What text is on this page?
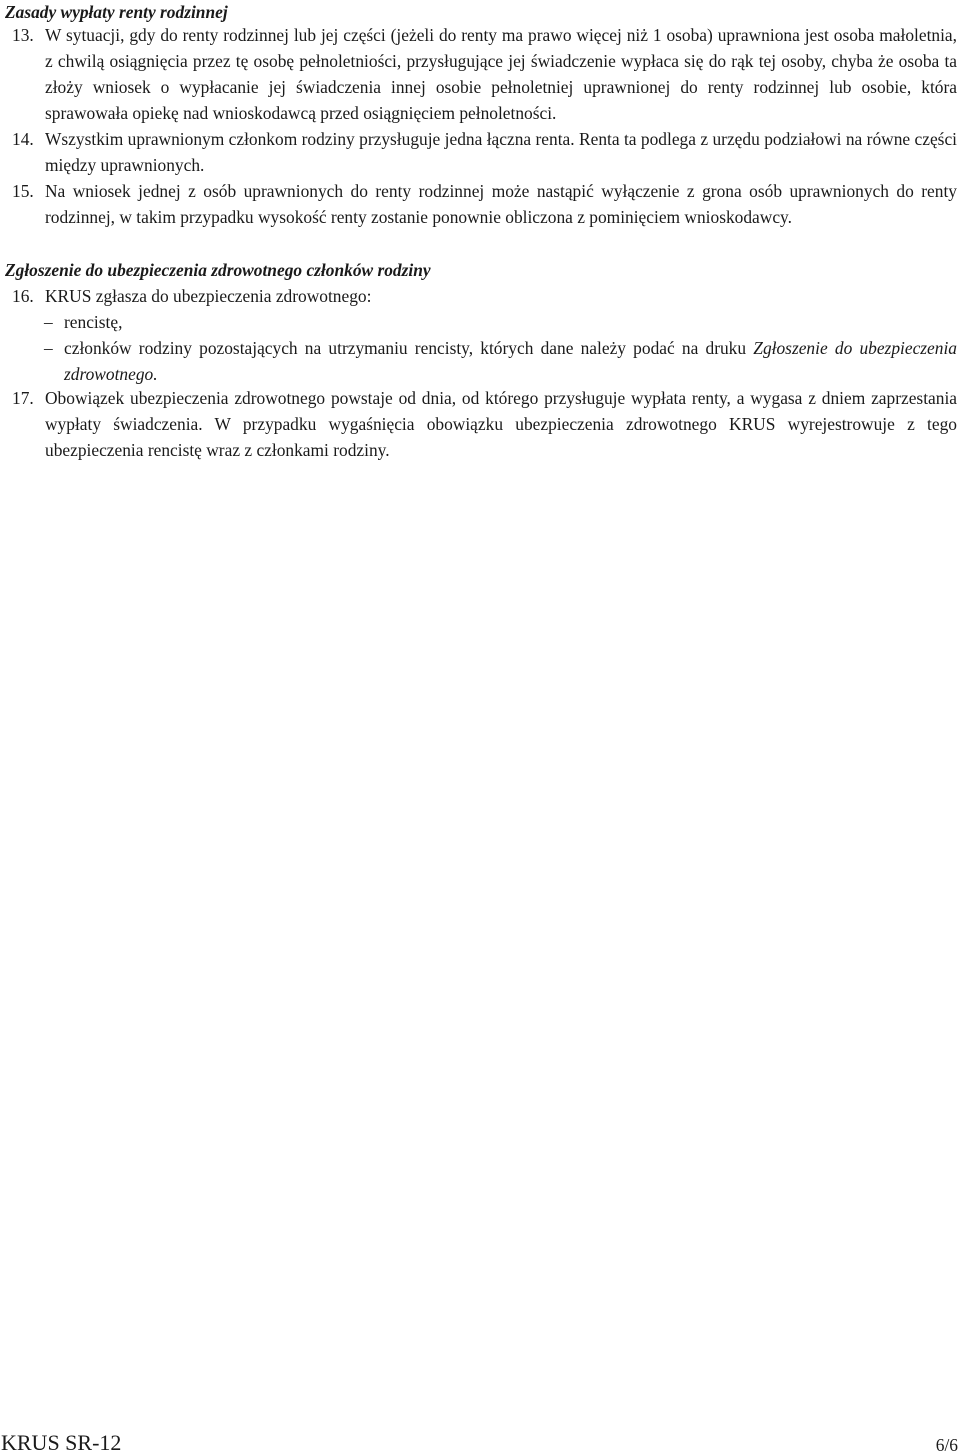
Zasady wypłaty renty rodzinnej
13. W sytuacji, gdy do renty rodzinnej lub jej części (jeżeli do renty ma prawo więcej niż 1 osoba) uprawniona jest osoba małoletnia, z chwilą osiągnięcia przez tę osobę pełnoletniości, przysługujące jej świadczenie wypłaca się do rąk tej osoby, chyba że osoba ta złoży wniosek o wypłacanie jej świadczenia innej osobie pełnoletniej uprawnionej do renty rodzinnej lub osobie, która sprawowała opiekę nad wnioskodawcą przed osiągnięciem pełnoletności.

14. Wszystkim uprawnionym członkom rodziny przysługuje jedna łączna renta. Renta ta podlega z urzędu podziałowi na równe części między uprawnionych.

15. Na wniosek jednej z osób uprawnionych do renty rodzinnej może nastąpić wyłączenie z grona osób uprawnionych do renty rodzinnej, w takim przypadku wysokość renty zostanie ponownie obliczona z pominięciem wnioskodawcy.

Zgłoszenie do ubezpieczenia zdrowotnego członków rodziny
16. KRUS zgłasza do ubezpieczenia zdrowotnego:

– rencistę,

– członków rodziny pozostających na utrzymaniu rencisty, których dane należy podać na druku Zgłoszenie do ubezpieczenia zdrowotnego.

17. Obowiązek ubezpieczenia zdrowotnego powstaje od dnia, od którego przysługuje wypłata renty, a wygasa z dniem zaprzestania wypłaty świadczenia. W przypadku wygaśnięcia obowiązku ubezpieczenia zdrowotnego KRUS wyrejestrowuje z tego ubezpieczenia rencistę wraz z członkami rodziny.

KRUS SR-12	6/6
